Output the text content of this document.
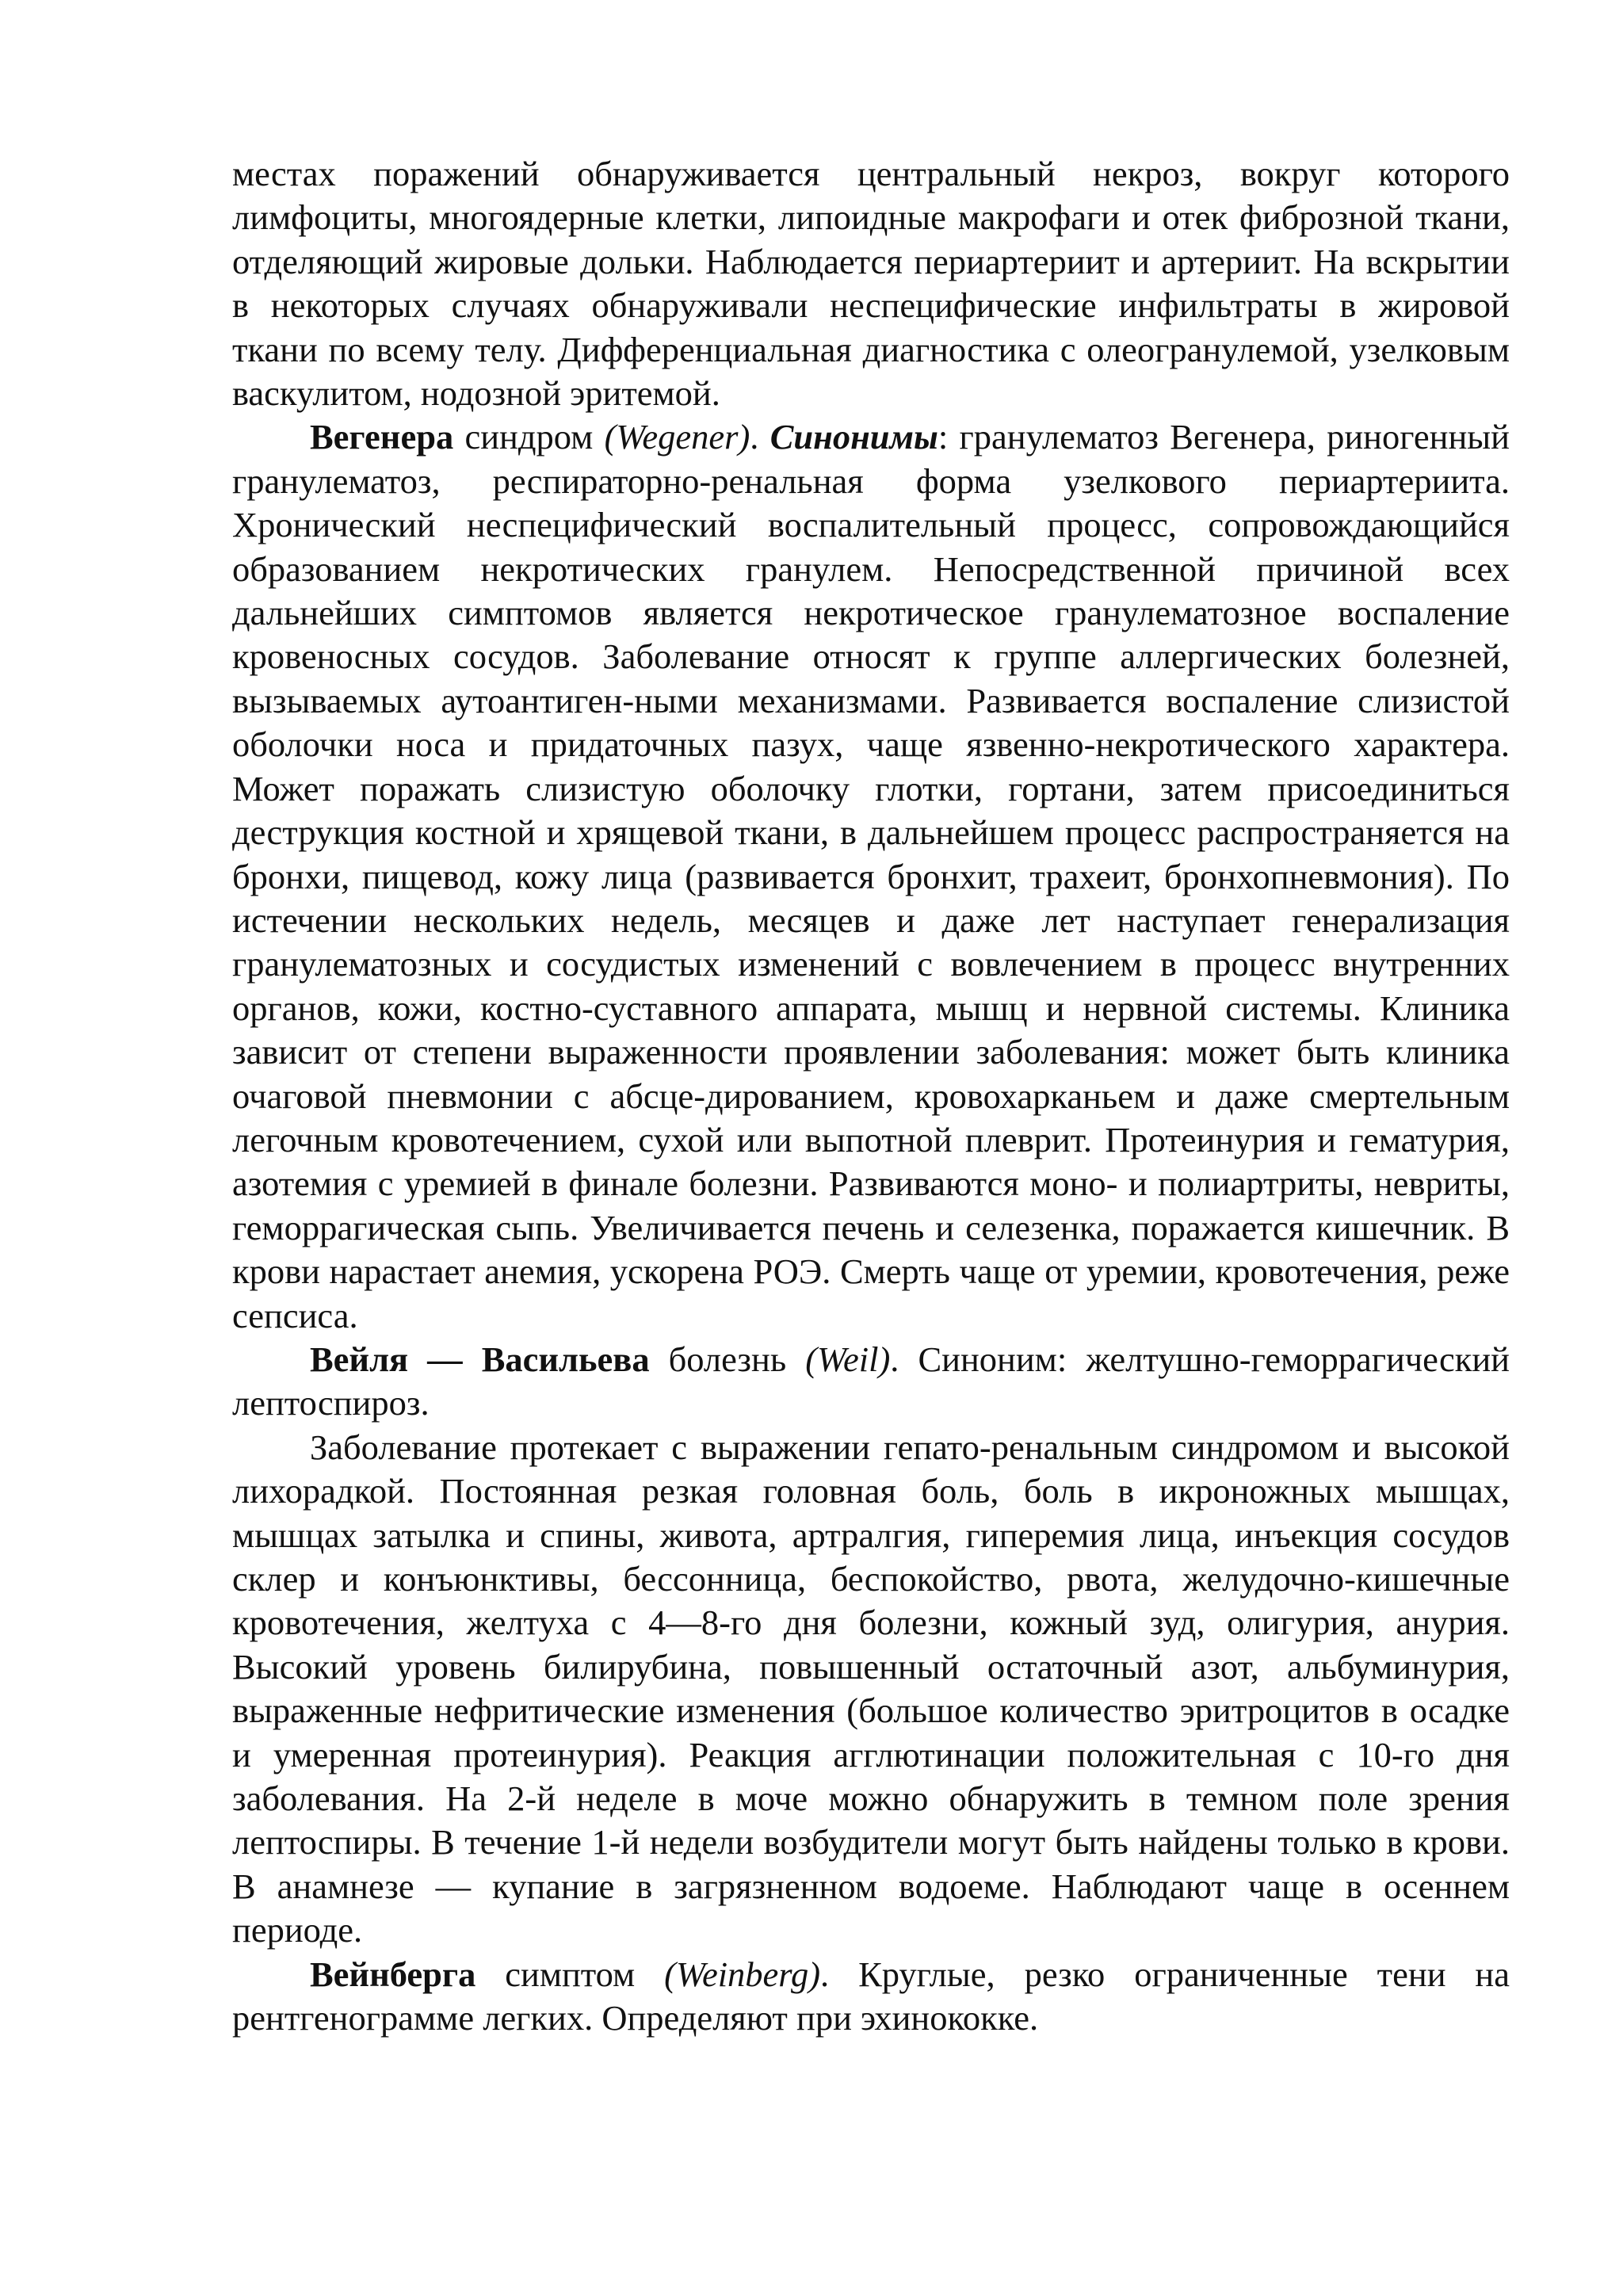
местах поражений обнаруживается центральный некроз, вокруг которого лимфоциты, многоядерные клетки, липоидные макрофаги и отек фиброзной ткани, отделяющий жировые дольки. Наблюдается периартериит и артериит. На вскрытии в некоторых случаях обнаруживали неспецифические инфильтраты в жировой ткани по всему телу. Дифференциальная диагностика с олеогранулемой, узелковым васкулитом, нодозной эритемой.

Вегенера синдром (Wegener). Синонимы: гранулематоз Вегенера, риногенный гранулематоз, респираторно-ренальная форма узелкового периартериита. Хронический неспецифический воспалительный процесс, сопровождающийся образованием некротических гранулем. Непосредственной причиной всех дальнейших симптомов является некротическое гранулематозное воспаление кровеносных сосудов. Заболевание относят к группе аллергических болезней, вызываемых аутоантиген-ными механизмами. Развивается воспаление слизистой оболочки носа и придаточных пазух, чаще язвенно-некротического характера. Может поражать слизистую оболочку глотки, гортани, затем присоединиться деструкция костной и хрящевой ткани, в дальнейшем процесс распространяется на бронхи, пищевод, кожу лица (развивается бронхит, трахеит, бронхопневмония). По истечении нескольких недель, месяцев и даже лет наступает генерализация гранулематозных и сосудистых изменений с вовлечением в процесс внутренних органов, кожи, костно-суставного аппарата, мышц и нервной системы. Клиника зависит от степени выраженности проявлении заболевания: может быть клиника очаговой пневмонии с абсце-дированием, кровохарканьем и даже смертельным легочным кровотечением, сухой или выпотной плеврит. Протеинурия и гематурия, азотемия с уремией в финале болезни. Развиваются моно- и полиартриты, невриты, геморрагическая сыпь. Увеличивается печень и селезенка, поражается кишечник. В крови нарастает анемия, ускорена РОЭ. Смерть чаще от уремии, кровотечения, реже сепсиса.

Вейля — Васильева болезнь (Weil). Синоним: желтушно-геморрагический лептоспироз.

Заболевание протекает с выражении гепато-ренальным синдромом и высокой лихорадкой. Постоянная резкая головная боль, боль в икроножных мышцах, мышцах затылка и спины, живота, артралгия, гиперемия лица, инъекция сосудов склер и конъюнктивы, бессонница, беспокойство, рвота, желудочно-кишечные кровотечения, желтуха с 4—8-го дня болезни, кожный зуд, олигурия, анурия. Высокий уровень билирубина, повышенный остаточный азот, альбуминурия, выраженные нефритические изменения (большое количество эритроцитов в осадке и умеренная протеинурия). Реакция агглютинации положительная с 10-го дня заболевания. На 2-й неделе в моче можно обнаружить в темном поле зрения лептоспиры. В течение 1-й недели возбудители могут быть найдены только в крови. В анамнезе — купание в загрязненном водоеме. Наблюдают чаще в осеннем периоде.

Вейнберга симптом (Weinberg). Круглые, резко ограниченные тени на рентгенограмме легких. Определяют при эхинококке.
